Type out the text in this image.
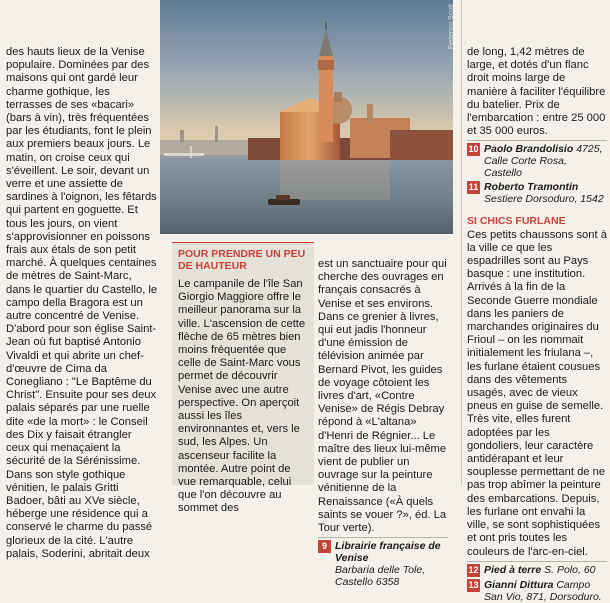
des hauts lieux de la Venise populaire. Dominées par des maisons qui ont gardé leur charme gothique, les terrasses de ses «bacari» (bars à vin), très fréquentées par les étudiants, font le plein aux premiers beaux jours. Le matin, on croise ceux qui s'éveillent. Le soir, devant un verre et une assiette de sardines à l'oignon, les fêtards qui partent en goguette. Et tous les jours, on vient s'approvisionner en poissons frais aux étals de son petit marché. À quelques centaines de mètres de Saint-Marc, dans le quartier du Castello, le campo della Bragora est un autre concentré de Venise. D'abord pour son église Saint-Jean où fut baptisé Antonio Vivaldi et qui abrite un chef-d'œuvre de Cima da Conegliano : "Le Baptême du Christ". Ensuite pour ses deux palais séparés par une ruelle dite «de la mort» : le Conseil des Dix y faisait étrangler ceux qui menaçaient la sécurité de la Sérénissime. Dans son style gothique vénitien, le palais Gritti Badoer, bâti au XVe siècle, héberge une résidence qui a conservé le charme du passé glorieux de la cité. L'autre palais, Soderini, abritait deux

Federico Scott

POUR PRENDRE UN PEU DE HAUTEUR

Le campanile de l'île San Giorgio Maggiore offre le meilleur panorama sur la ville. L'ascension de cette flèche de 65 mètres bien moins fréquentée que celle de Saint-Marc vous permet de découvrir Venise avec une autre perspective. On aperçoit aussi les îles environnantes et, vers le sud, les Alpes. Un ascenseur facilite la montée. Autre point de vue remarquable, celui que l'on découvre au sommet des

est un sanctuaire pour qui cherche des ouvrages en français consacrés à Venise et ses environs. Dans ce grenier à livres, qui eut jadis l'honneur d'une émission de télévision animée par Bernard Pivot, les guides de voyage côtoient les livres d'art, «Contre Venise» de Régis Debray répond à «L'altana» d'Henri de Régnier... Le maître des lieux lui-même vient de publier un ouvrage sur la peinture vénitienne de la Renaissance («À quels saints se vouer ?», éd. La Tour verte).

9 Librairie française de Venise
Barbaria delle Tole, Castello 6358

de long, 1,42 mètres de large, et dotés d'un flanc droit moins large de manière à faciliter l'équilibre du batelier. Prix de l'embarcation : entre 25 000 et 35 000 euros.

10 Paolo Brandolisio 4725, Calle Corte Rosa, Castello
11 Roberto Tramontin
Sestiere Dorsoduro, 1542

SI CHICS FURLANE

Ces petits chaussons sont à la ville ce que les espadrilles sont au Pays basque : une institution. Arrivés à la fin de la Seconde Guerre mondiale dans les paniers de marchandes originaires du Frioul – on les nommait initialement les friulana –, les furlane étaient cousues dans des vêtements usagés, avec de vieux pneus en guise de semelle. Très vite, elles furent adoptées par les gondoliers, leur caractère antidérapant et leur souplesse permettant de ne pas trop abîmer la peinture des embarcations. Depuis, les furlane ont envahi la ville, se sont sophistiquées et ont pris toutes les couleurs de l'arc-en-ciel.

12 Pied à terre S. Polo, 60
13 Gianni Dittura Campo San Vio, 871, Dorsoduro.
